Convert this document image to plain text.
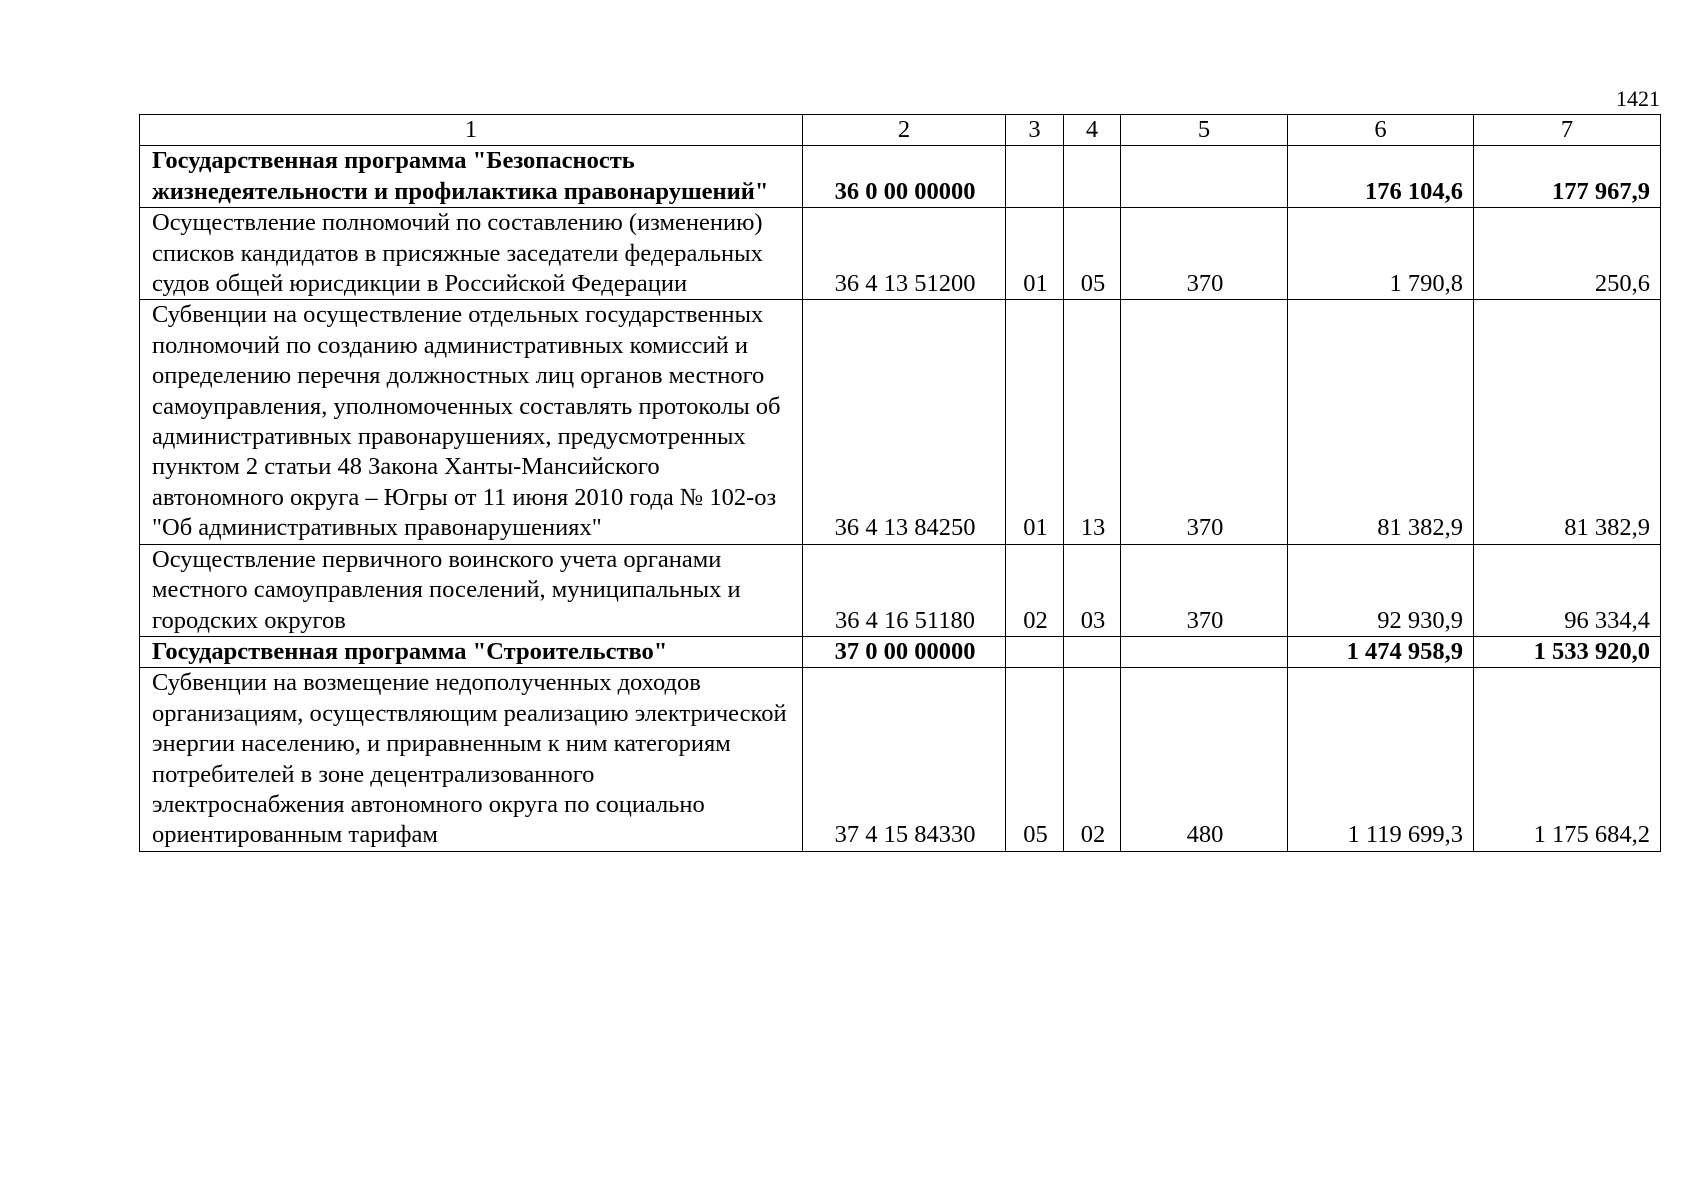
1421
1	2	3	4	5	6	7
Государственная программа "Безопасность жизнедеятельности и профилактика правонарушений"	36 0 00 00000				176 104,6	177 967,9
Осуществление полномочий по составлению (изменению) списков кандидатов в присяжные заседатели федеральных судов общей юрисдикции в Российской Федерации	36 4 13 51200	01	05	370	1 790,8	250,6
Субвенции на осуществление отдельных государственных полномочий по созданию административных комиссий и определению перечня должностных лиц органов местного самоуправления, уполномоченных составлять протоколы об административных правонарушениях, предусмотренных пунктом 2 статьи 48 Закона Ханты-Мансийского автономного округа – Югры от 11 июня 2010 года № 102-оз "Об административных правонарушениях"	36 4 13 84250	01	13	370	81 382,9	81 382,9
Осуществление первичного воинского учета органами местного самоуправления поселений, муниципальных и городских округов	36 4 16 51180	02	03	370	92 930,9	96 334,4
Государственная программа "Строительство"	37 0 00 00000				1 474 958,9	1 533 920,0
Субвенции на возмещение недополученных доходов организациям, осуществляющим реализацию электрической энергии населению, и приравненным к ним категориям потребителей в зоне децентрализованного электроснабжения автономного округа по социально ориентированным тарифам	37 4 15 84330	05	02	480	1 119 699,3	1 175 684,2
